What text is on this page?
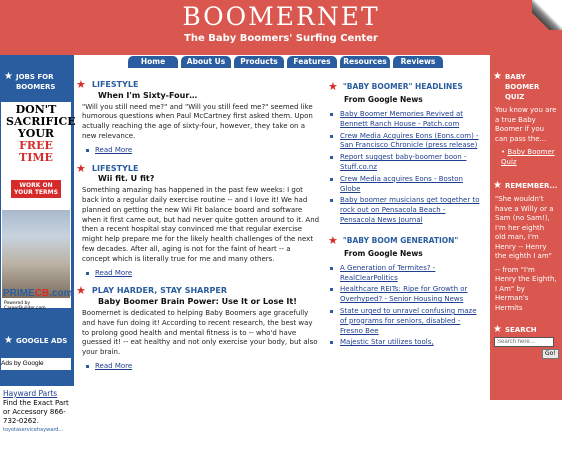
BOOMERNET
The Baby Boomers' Surfing Center
Home	About Us	Products	Features	Resources	Reviews
★ JOBS FOR BOOMERS
DON'T
SACRIFICE
YOUR
FREE TIME
WORK ON YOUR TERMS
PRIMECB.com
Powered by CareerBuilder.com
★ GOOGLE ADS
Ads by Google
Hayward Parts
Find the Exact Part or Accessory 866-732-0262.
toyotaservicehayward...
★ LIFESTYLE
When I'm Sixty-Four…
"Will you still need me?" and "Will you still feed me?" seemed like humorous questions when Paul McCartney first asked them. Upon actually reaching the age of sixty-four, however, they take on a new relevance.
Read More
★ LIFESTYLE
Wii fit. U fit?
Something amazing has happened in the past few weeks: I got back into a regular daily exercise routine -- and I love it! We had planned on getting the new Wii Fit balance board and software when it first came out, but had never quite gotten around to it. And then a recent hospital stay convinced me that regular exercise might help prepare me for the likely health challenges of the next few decades. After all, aging is not for the faint of heart -- a concept which is literally true for me and many others.
Read More
★ PLAY HARDER, STAY SHARPER
Baby Boomer Brain Power: Use It or Lose It!
Boomernet is dedicated to helping Baby Boomers age gracefully and have fun doing it! According to recent research, the best way to prolong good health and mental fitness is to -- who'd have guessed it! -- eat healthy and not only exercise your body, but also your brain.
Read More
★ "BABY BOOMER" HEADLINES
From Google News
Baby Boomer Memories Revived at Bennett Ranch House - Patch.com
Crew Media Acquires Eons (Eons.com) - San Francisco Chronicle (press release)
Report suggest baby-boomer boon - Stuff.co.nz
Crew Media acquires Eons - Boston Globe
Baby boomer musicians get together to rock out on Pensacola Beach - Pensacola News Journal
★ "BABY BOOM GENERATION"
From Google News
A Generation of Termites? - RealClearPolitics
Healthcare REITs: Ripe for Growth or Overhyped? - Senior Housing News
State urged to unravel confusing maze of programs for seniors, disabled - Fresno Bee
Majestic Star utilizes tools,
★ BABY BOOMER QUIZ

You know you are a true Baby Boomer if you can pass the...

• Baby Boomer Quiz

★ REMEMBER...

"She wouldn't have a Willy or a Sam (no Sam!), I'm her eighth old man, I'm Henry -- Henry the eighth I am"

-- from "I'm Henry the Eighth, I Am" by Herman's Hermits

★ SEARCH
Search here... Go!
